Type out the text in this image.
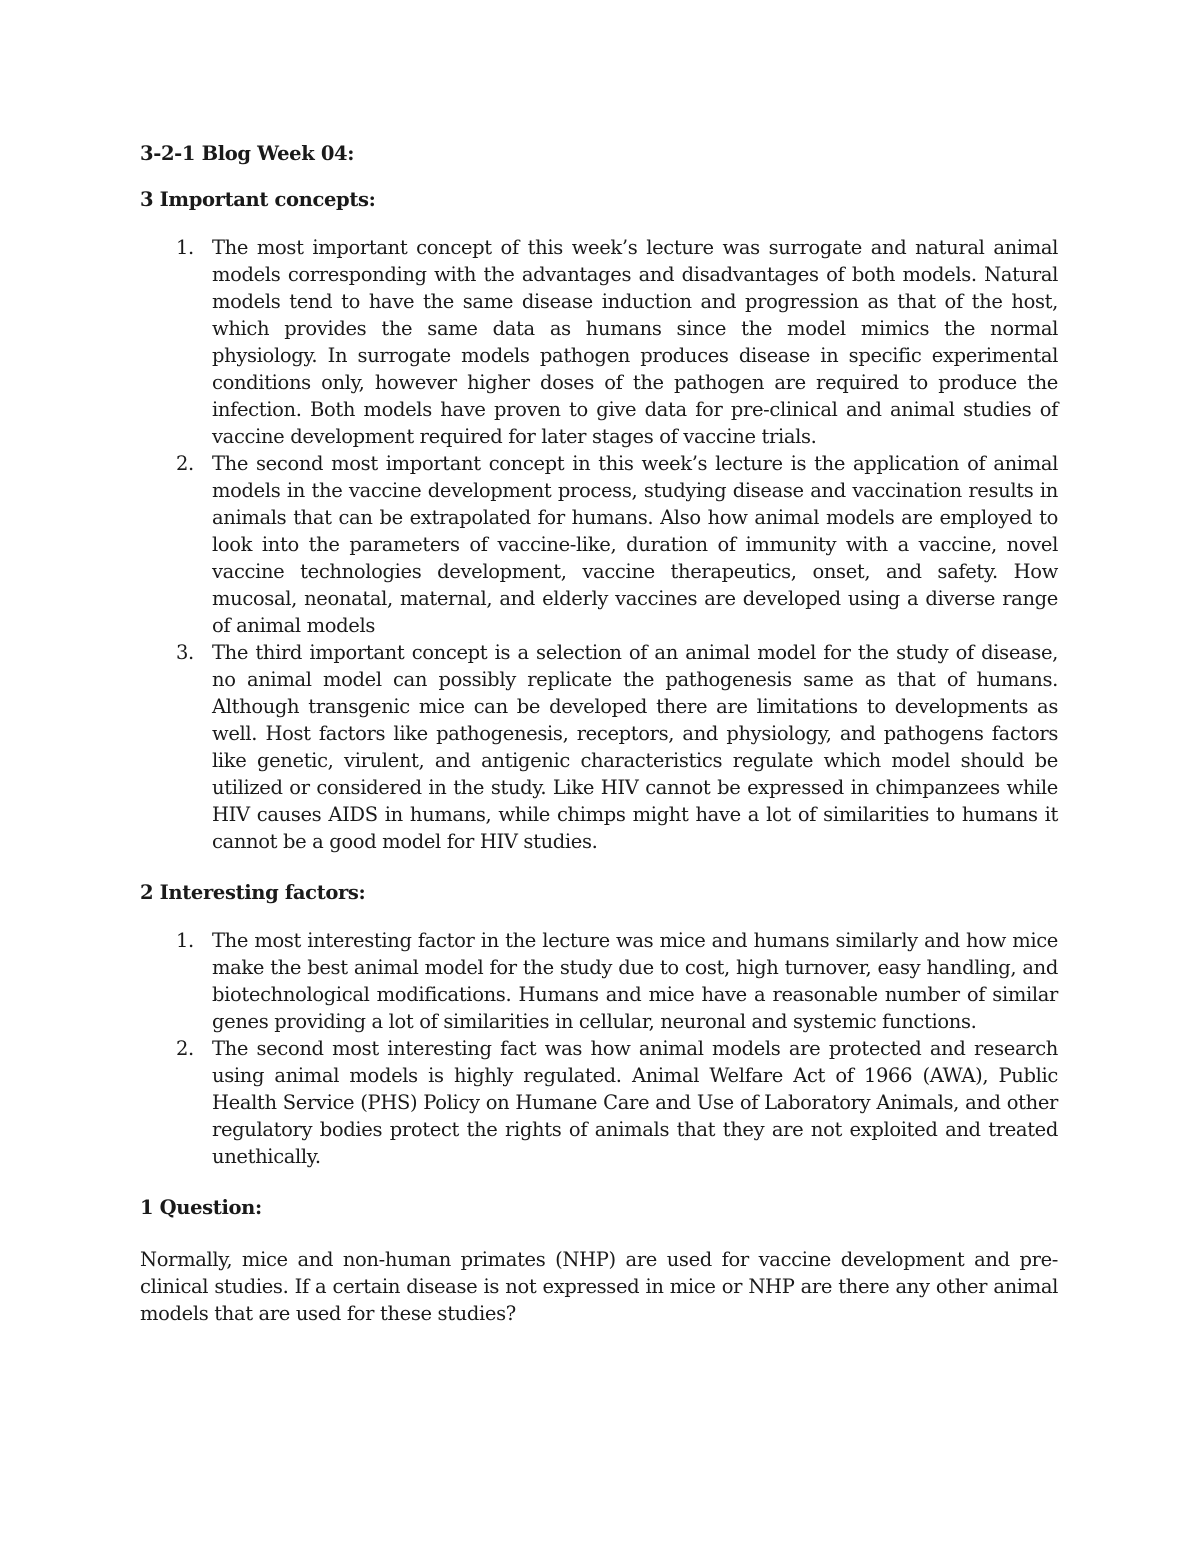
3-2-1 Blog Week 04:

3 Important concepts:

1. The most important concept of this week’s lecture was surrogate and natural animal models corresponding with the advantages and disadvantages of both models. Natural models tend to have the same disease induction and progression as that of the host, which provides the same data as humans since the model mimics the normal physiology. In surrogate models pathogen produces disease in specific experimental conditions only, however higher doses of the pathogen are required to produce the infection. Both models have proven to give data for pre-clinical and animal studies of vaccine development required for later stages of vaccine trials.
2. The second most important concept in this week’s lecture is the application of animal models in the vaccine development process, studying disease and vaccination results in animals that can be extrapolated for humans. Also how animal models are employed to look into the parameters of vaccine-like, duration of immunity with a vaccine, novel vaccine technologies development, vaccine therapeutics, onset, and safety. How mucosal, neonatal, maternal, and elderly vaccines are developed using a diverse range of animal models
3. The third important concept is a selection of an animal model for the study of disease, no animal model can possibly replicate the pathogenesis same as that of humans. Although transgenic mice can be developed there are limitations to developments as well. Host factors like pathogenesis, receptors, and physiology, and pathogens factors like genetic, virulent, and antigenic characteristics regulate which model should be utilized or considered in the study. Like HIV cannot be expressed in chimpanzees while HIV causes AIDS in humans, while chimps might have a lot of similarities to humans it cannot be a good model for HIV studies.

2 Interesting factors:

1. The most interesting factor in the lecture was mice and humans similarly and how mice make the best animal model for the study due to cost, high turnover, easy handling, and biotechnological modifications. Humans and mice have a reasonable number of similar genes providing a lot of similarities in cellular, neuronal and systemic functions.
2. The second most interesting fact was how animal models are protected and research using animal models is highly regulated. Animal Welfare Act of 1966 (AWA), Public Health Service (PHS) Policy on Humane Care and Use of Laboratory Animals, and other regulatory bodies protect the rights of animals that they are not exploited and treated unethically.

1 Question:

Normally, mice and non-human primates (NHP) are used for vaccine development and pre-clinical studies. If a certain disease is not expressed in mice or NHP are there any other animal models that are used for these studies?
